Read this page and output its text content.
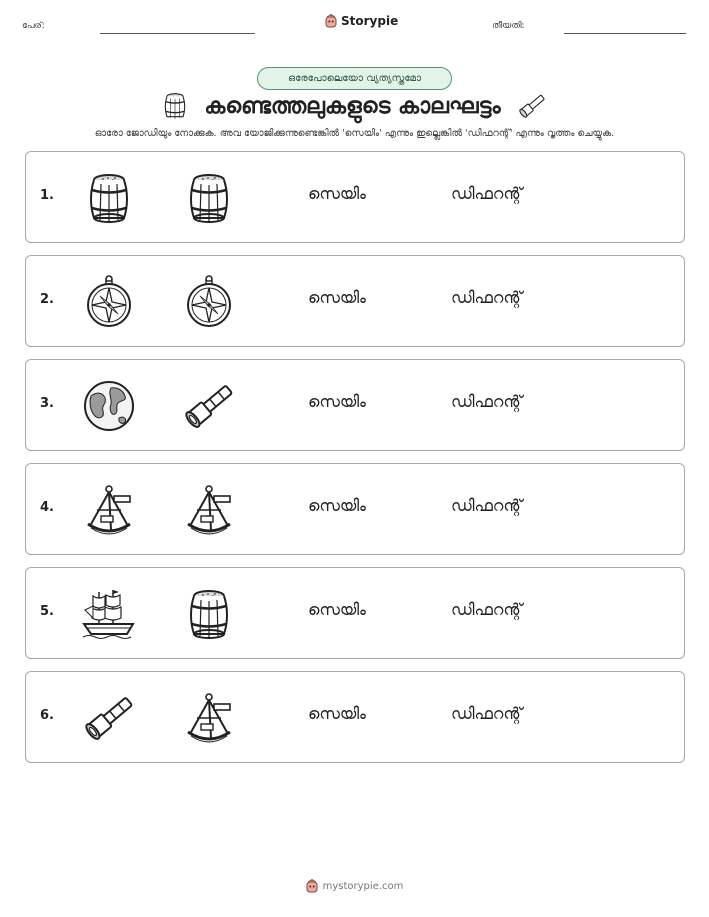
പേര്:	Storypie	തീയതി:
ഒരേപോലെയോ വ്യത്യസ്തമോ
കണ്ടെത്തലുകളുടെ കാലഘട്ടം
ഓരോ ജോഡിയും നോക്കുക. അവ യോജിക്കുന്നുണ്ടെങ്കിൽ 'സെയിം' എന്നും ഇല്ലെങ്കിൽ 'ഡിഫറന്റ്' എന്നും വൃത്തം ചെയ്യുക.
1.	സെയിം	ഡിഫറന്റ്
2.	സെയിം	ഡിഫറന്റ്
3.	സെയിം	ഡിഫറന്റ്
4.	സെയിം	ഡിഫറന്റ്
5.	സെയിം	ഡിഫറന്റ്
6.	സെയിം	ഡിഫറന്റ്
mystorypie.com
